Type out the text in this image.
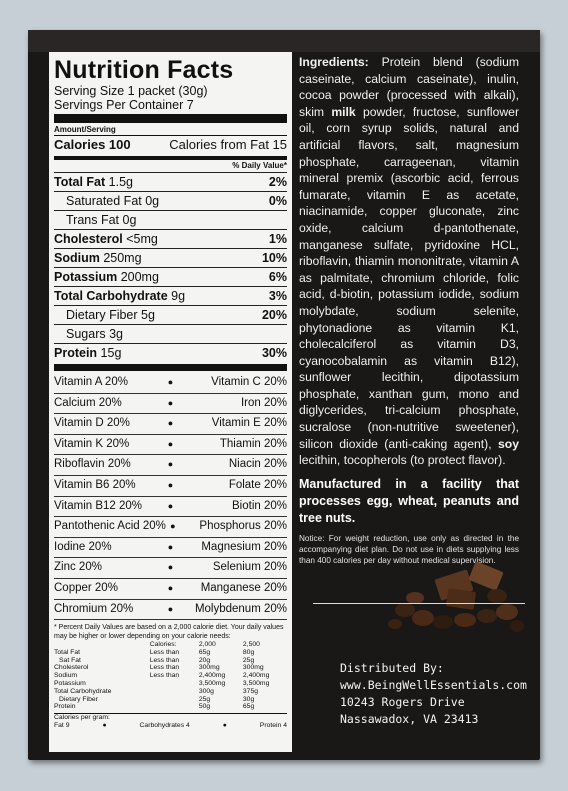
Nutrition Facts
Serving Size 1 packet (30g)
Servings Per Container 7
Amount/Serving
Calories 100	Calories from Fat 15
% Daily Value*
Total Fat 1.5g	2%
Saturated Fat 0g	0%
Trans Fat 0g
Cholesterol <5mg	1%
Sodium 250mg	10%
Potassium 200mg	6%
Total Carbohydrate 9g	3%
Dietary Fiber 5g	20%
Sugars 3g
Protein 15g	30%
Vitamin A 20%	●	Vitamin C 20%
Calcium 20%	●	Iron 20%
Vitamin D 20%	●	Vitamin E 20%
Vitamin K 20%	●	Thiamin 20%
Riboflavin 20%	●	Niacin 20%
Vitamin B6 20%	●	Folate 20%
Vitamin B12 20%	●	Biotin 20%
Pantothenic Acid 20% ●	Phosphorus 20%
Iodine 20%	●	Magnesium 20%
Zinc 20%	●	Selenium 20%
Copper 20%	●	Manganese 20%
Chromium 20%	●	Molybdenum 20%
* Percent Daily Values are based on a 2,000 calorie diet. Your daily values may be higher or lower depending on your calorie needs:
	Calories:	2,000	2,500
Total Fat	Less than	65g	80g
Sat Fat	Less than	20g	25g
Cholesterol	Less than	300mg	300mg
Sodium	Less than	2,400mg	2,400mg
Potassium		3,500mg	3,500mg
Total Carbohydrate		300g	375g
Dietary Fiber		25g	30g
Protein		50g	65g
Calories per gram:
Fat 9	●	Carbohydrates 4	●	Protein 4
Ingredients: Protein blend (sodium caseinate, calcium caseinate), inulin, cocoa powder (processed with alkali), skim milk powder, fructose, sunflower oil, corn syrup solids, natural and artificial flavors, salt, magnesium phosphate, carrageenan, vitamin mineral premix (ascorbic acid, ferrous fumarate, vitamin E as acetate, niacinamide, copper gluconate, zinc oxide, calcium d-pantothenate, manganese sulfate, pyridoxine HCL, riboflavin, thiamin mononitrate, vitamin A as palmitate, chromium chloride, folic acid, d-biotin, potassium iodide, sodium molybdate, sodium selenite, phytonadione as vitamin K1, cholecalciferol as vitamin D3, cyanocobalamin as vitamin B12), sunflower lecithin, dipotassium phosphate, xanthan gum, mono and diglycerides, tri-calcium phosphate, sucralose (non-nutritive sweetener), silicon dioxide (anti-caking agent), soy lecithin, tocopherols (to protect flavor).
Manufactured in a facility that processes egg, wheat, peanuts and tree nuts.
Notice: For weight reduction, use only as directed in the accompanying diet plan. Do not use in diets supplying less than 400 calories per day without medical supervision.
Distributed By:
www.BeingWellEssentials.com
10243 Rogers Drive
Nassawadox, VA 23413
